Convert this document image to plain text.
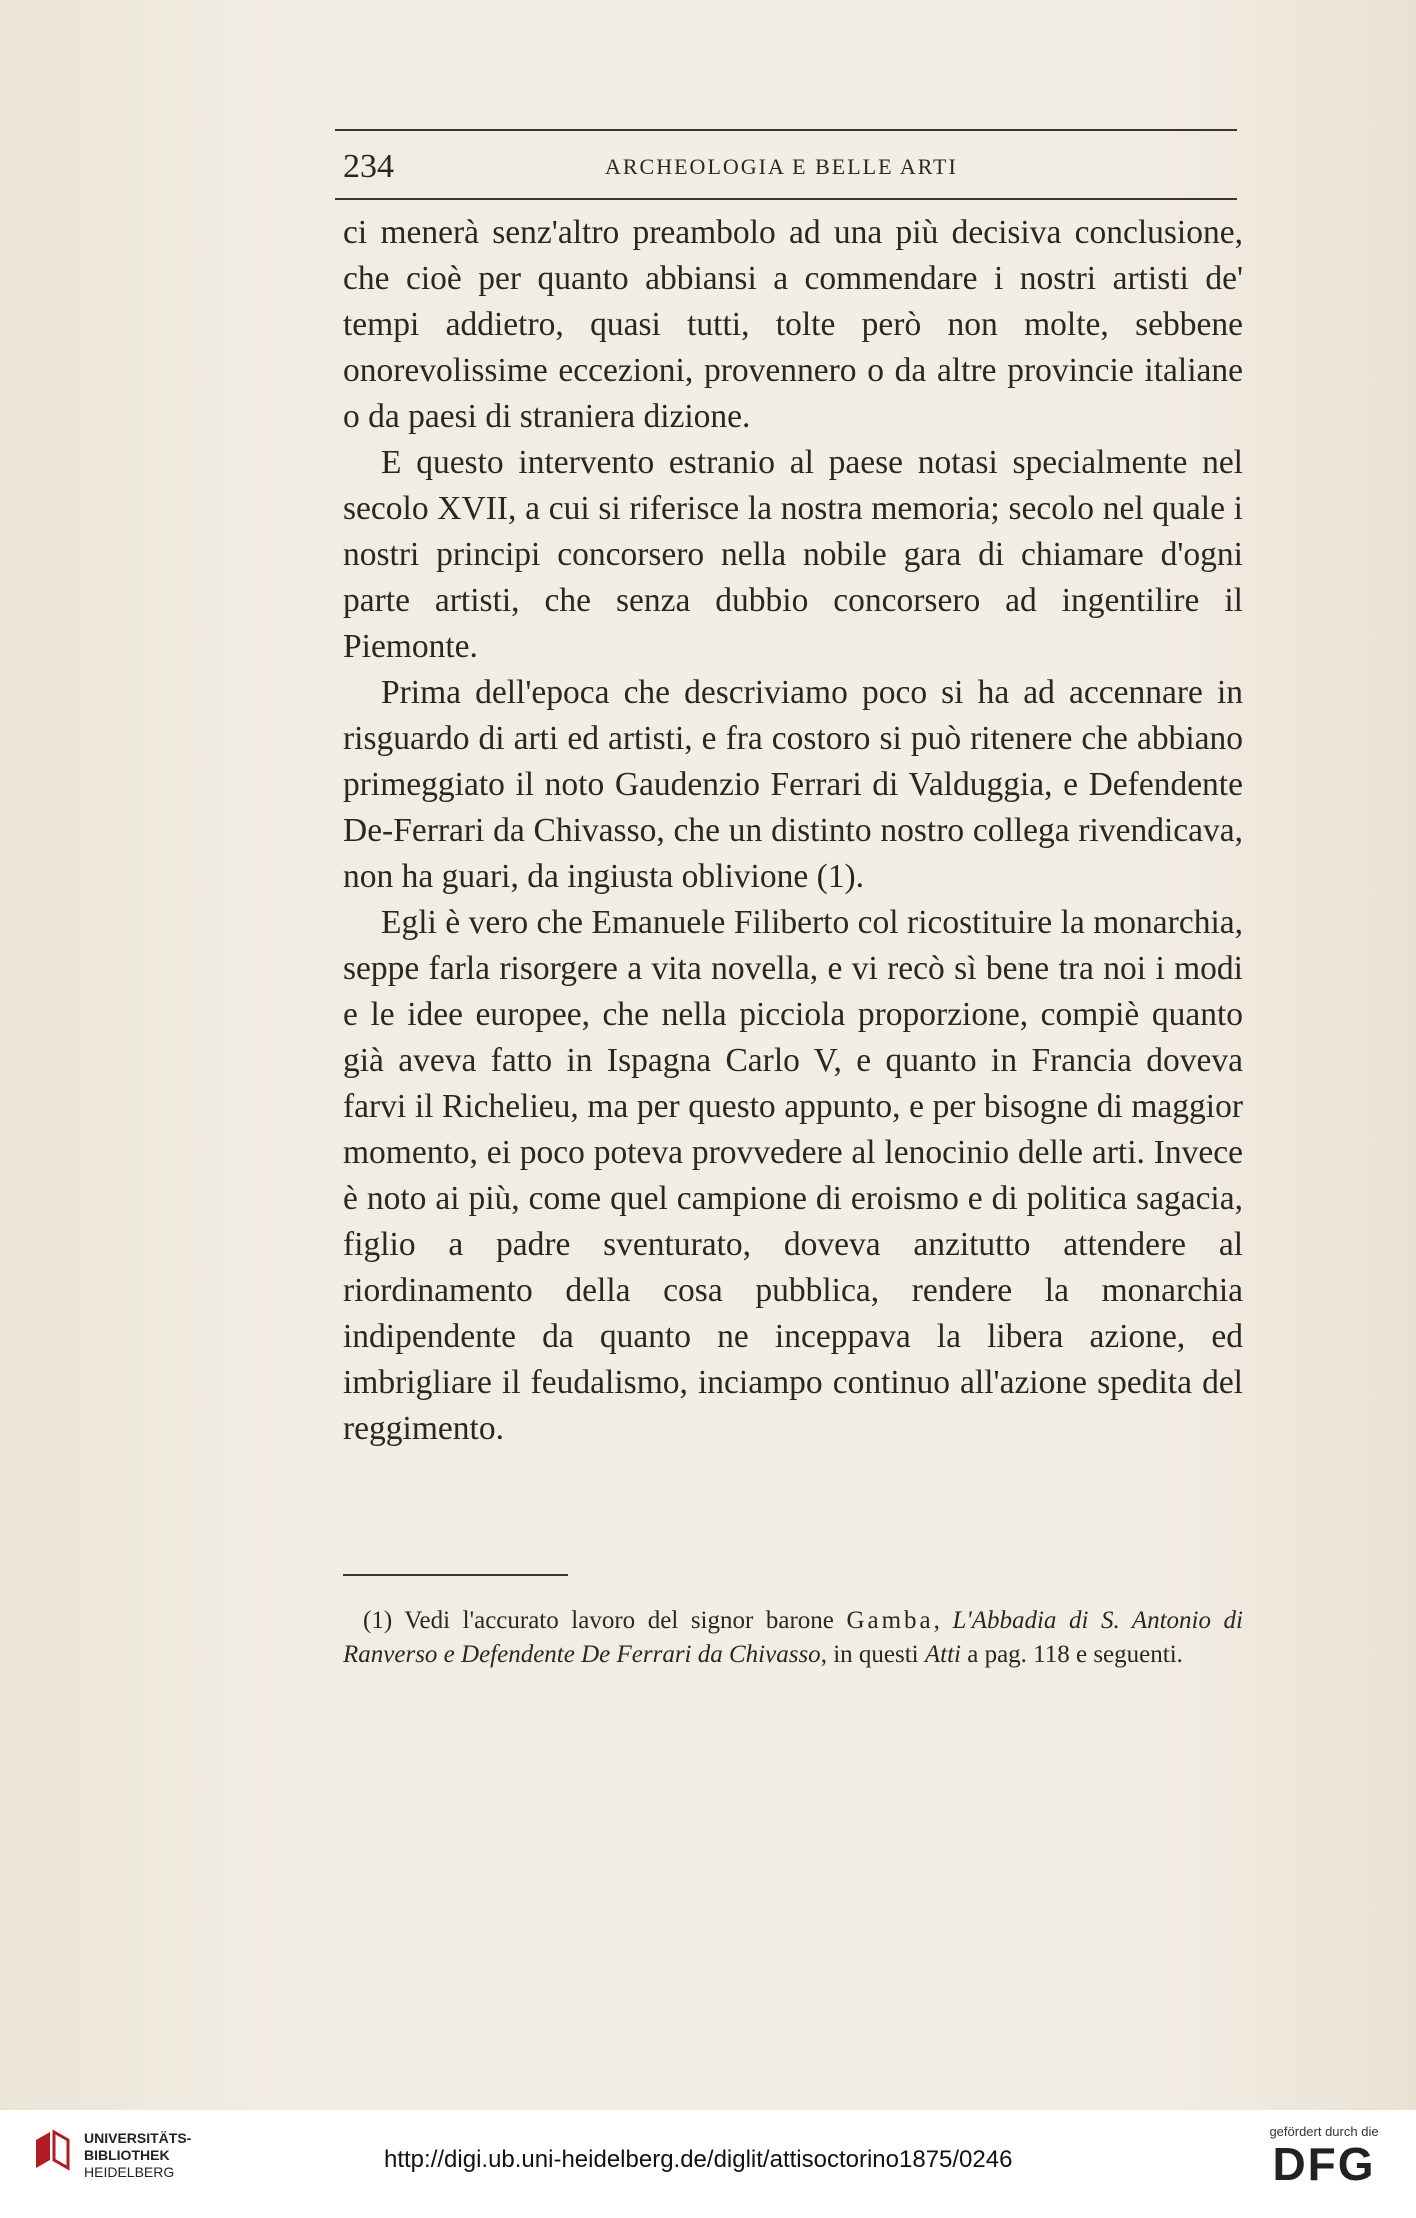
234	ARCHEOLOGIA E BELLE ARTI

ci menerà senz'altro preambolo ad una più decisiva conclusione, che cioè per quanto abbiansi a commendare i nostri artisti de' tempi addietro, quasi tutti, tolte però non molte, sebbene onorevolissime eccezioni, provennero o da altre provincie italiane o da paesi di straniera dizione.

E questo intervento estranio al paese notasi specialmente nel secolo XVII, a cui si riferisce la nostra memoria; secolo nel quale i nostri principi concorsero nella nobile gara di chiamare d'ogni parte artisti, che senza dubbio concorsero ad ingentilire il Piemonte.

Prima dell'epoca che descriviamo poco si ha ad accennare in risguardo di arti ed artisti, e fra costoro si può ritenere che abbiano primeggiato il noto Gaudenzio Ferrari di Valduggia, e Defendente De-Ferrari da Chivasso, che un distinto nostro collega rivendicava, non ha guari, da ingiusta oblivione (1).

Egli è vero che Emanuele Filiberto col ricostituire la monarchia, seppe farla risorgere a vita novella, e vi recò sì bene tra noi i modi e le idee europee, che nella picciola proporzione, compiè quanto già aveva fatto in Ispagna Carlo V, e quanto in Francia doveva farvi il Richelieu, ma per questo appunto, e per bisogne di maggior momento, ei poco poteva provvedere al lenocinio delle arti. Invece è noto ai più, come quel campione di eroismo e di politica sagacia, figlio a padre sventurato, doveva anzitutto attendere al riordinamento della cosa pubblica, rendere la monarchia indipendente da quanto ne inceppava la libera azione, ed imbrigliare il feudalismo, inciampo continuo all'azione spedita del reggimento.

(1) Vedi l'accurato lavoro del signor barone Gamba, L'Abbadia di S. Antonio di Ranverso e Defendente De Ferrari da Chivasso, in questi Atti a pag. 118 e seguenti.
UNIVERSITÄTS-
BIBLIOTHEK
HEIDELBERG	http://digi.ub.uni-heidelberg.de/diglit/attisoctorino1875/0246
gefördert durch die
DFG
